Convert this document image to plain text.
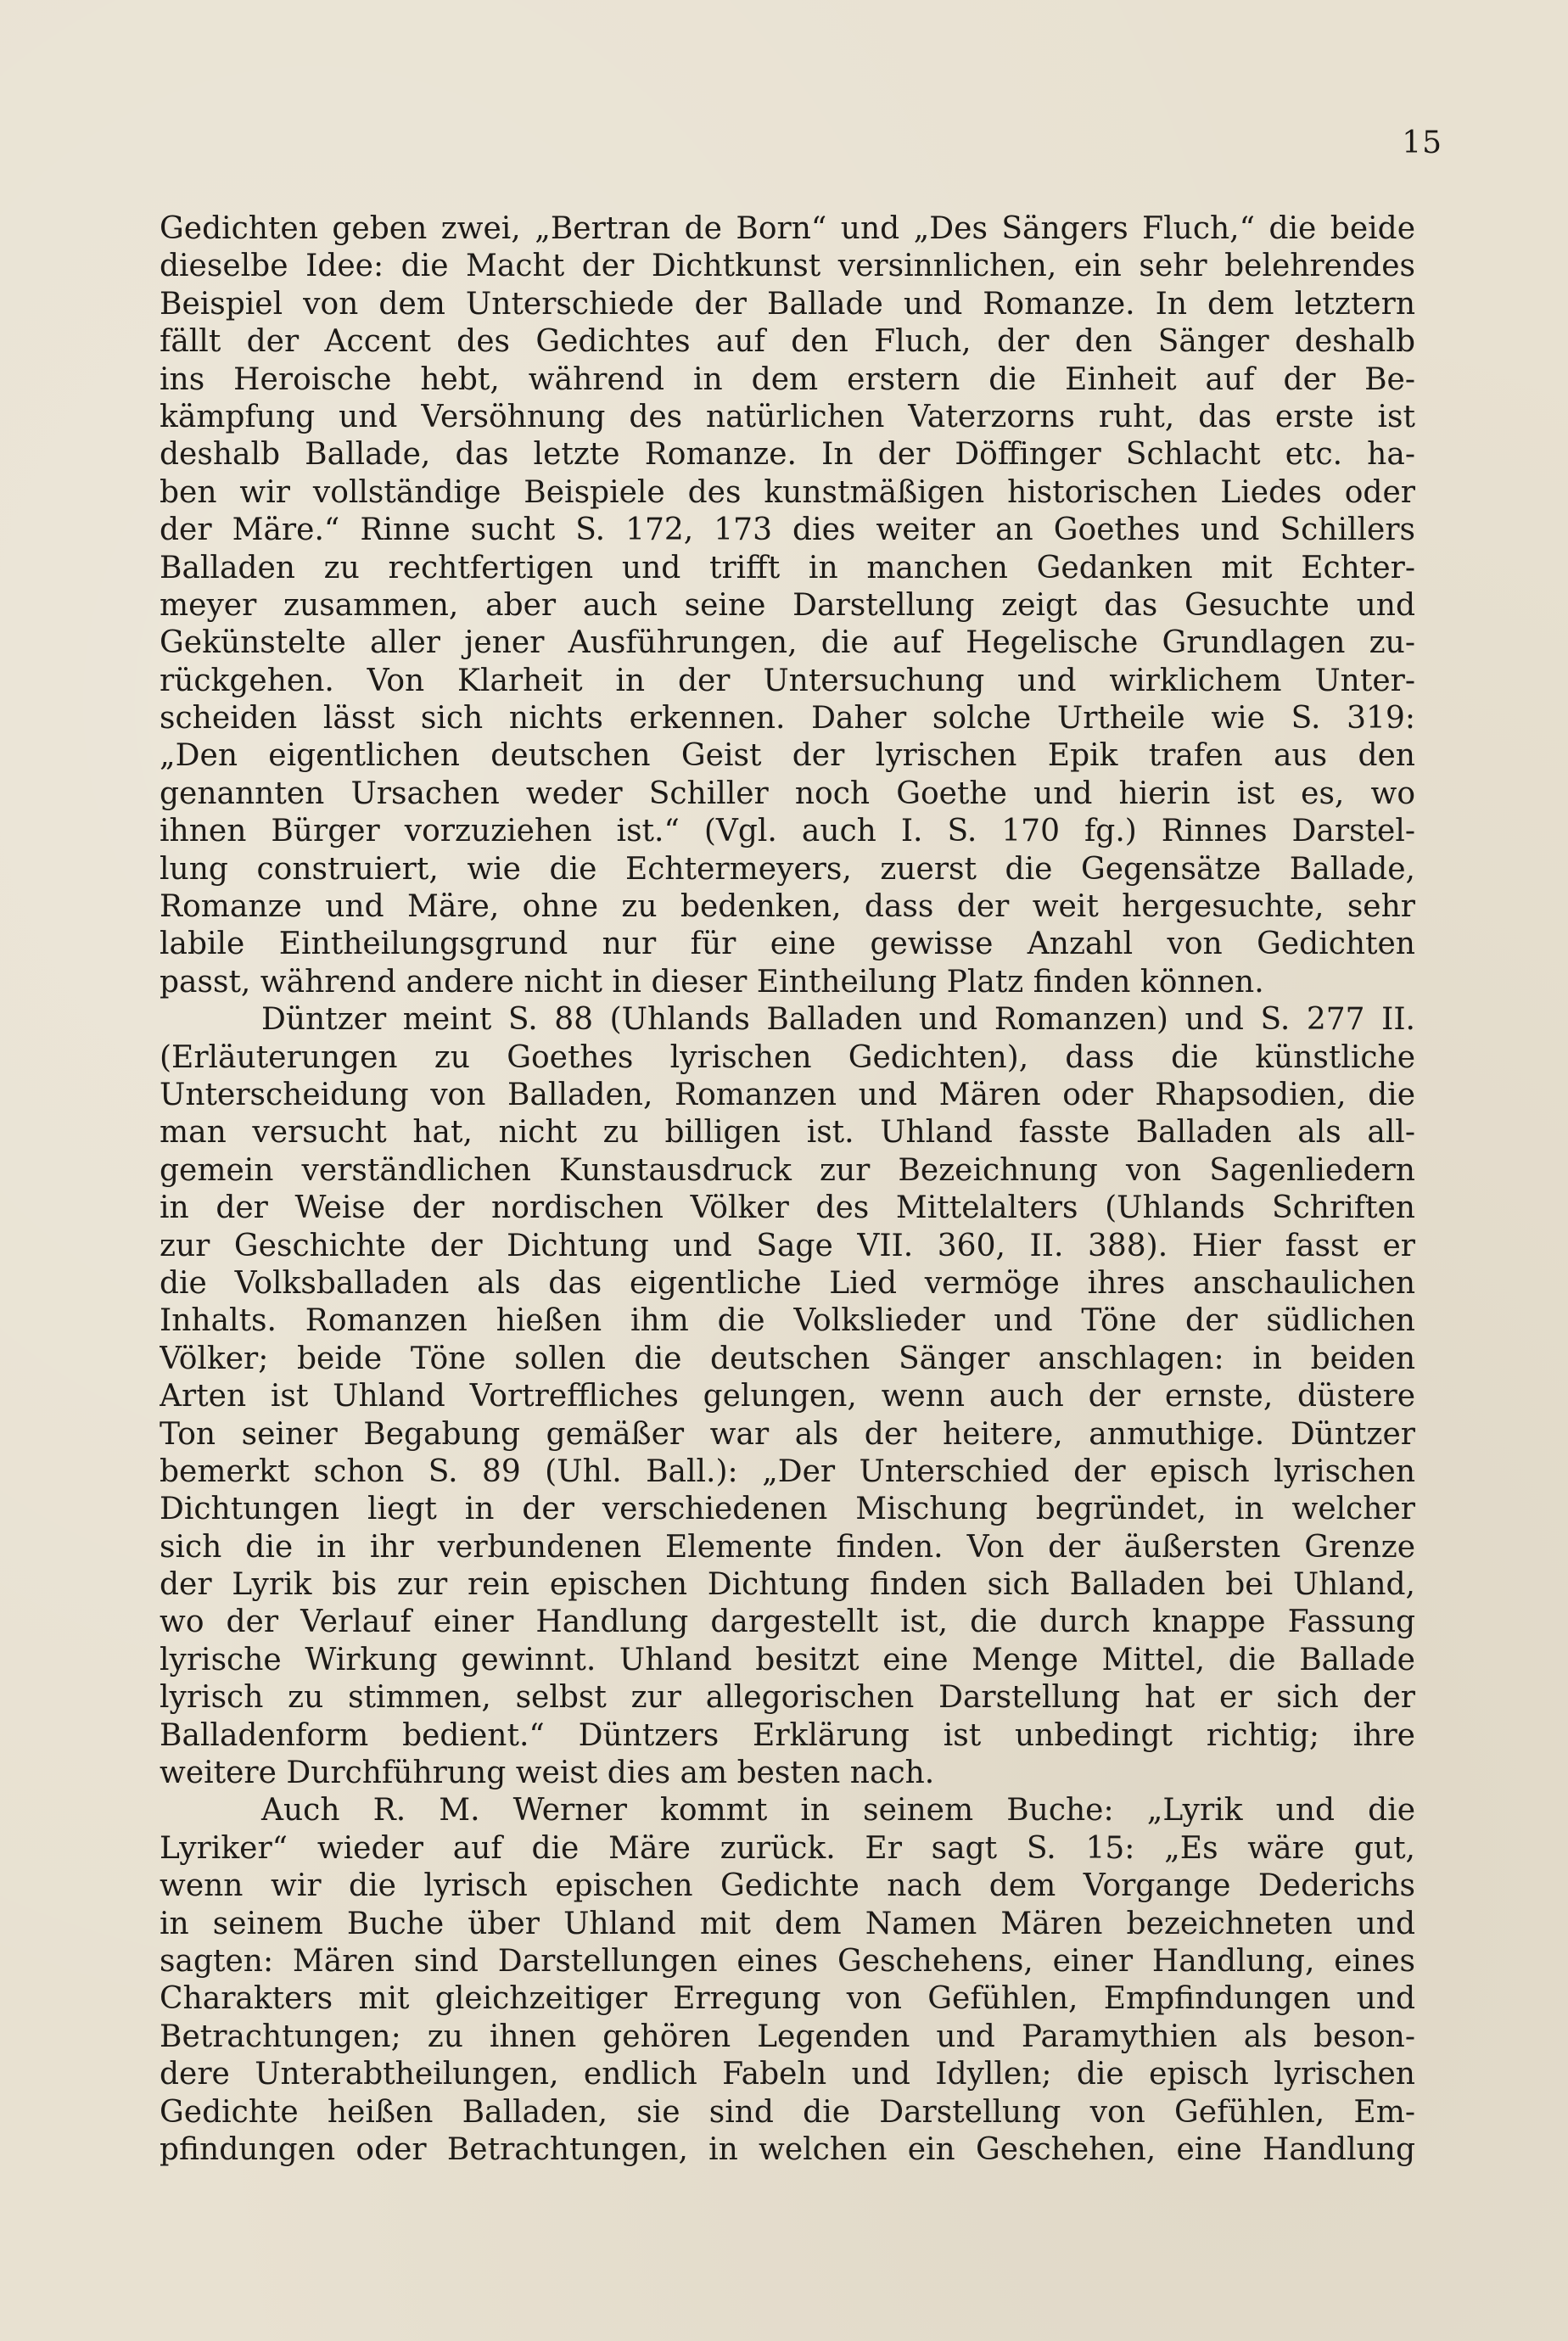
15
Gedichten geben zwei, „Bertran de Born“ und „Des Sängers Fluch,“ die beide
dieselbe Idee: die Macht der Dichtkunst versinnlichen, ein sehr belehrendes
Beispiel von dem Unterschiede der Ballade und Romanze. In dem letztern
fällt der Accent des Gedichtes auf den Fluch, der den Sänger deshalb
ins Heroische hebt, während in dem erstern die Einheit auf der Be-
kämpfung und Versöhnung des natürlichen Vaterzorns ruht, das erste ist
deshalb Ballade, das letzte Romanze. In der Döffinger Schlacht etc. ha-
ben wir vollständige Beispiele des kunstmäßigen historischen Liedes oder
der Märe.“ Rinne sucht S. 172, 173 dies weiter an Goethes und Schillers
Balladen zu rechtfertigen und trifft in manchen Gedanken mit Echter-
meyer zusammen, aber auch seine Darstellung zeigt das Gesuchte und
Gekünstelte aller jener Ausführungen, die auf Hegelische Grundlagen zu-
rückgehen. Von Klarheit in der Untersuchung und wirklichem Unter-
scheiden lässt sich nichts erkennen. Daher solche Urtheile wie S. 319:
„Den eigentlichen deutschen Geist der lyrischen Epik trafen aus den
genannten Ursachen weder Schiller noch Goethe und hierin ist es, wo
ihnen Bürger vorzuziehen ist.“ (Vgl. auch I. S. 170 fg.) Rinnes Darstel-
lung construiert, wie die Echtermeyers, zuerst die Gegensätze Ballade,
Romanze und Märe, ohne zu bedenken, dass der weit hergesuchte, sehr
labile Eintheilungsgrund nur für eine gewisse Anzahl von Gedichten
passt, während andere nicht in dieser Eintheilung Platz finden können.
Düntzer meint S. 88 (Uhlands Balladen und Romanzen) und S. 277 II.
(Erläuterungen zu Goethes lyrischen Gedichten), dass die künstliche
Unterscheidung von Balladen, Romanzen und Mären oder Rhapsodien, die
man versucht hat, nicht zu billigen ist. Uhland fasste Balladen als all-
gemein verständlichen Kunstausdruck zur Bezeichnung von Sagenliedern
in der Weise der nordischen Völker des Mittelalters (Uhlands Schriften
zur Geschichte der Dichtung und Sage VII. 360, II. 388). Hier fasst er
die Volksballaden als das eigentliche Lied vermöge ihres anschaulichen
Inhalts. Romanzen hießen ihm die Volkslieder und Töne der südlichen
Völker; beide Töne sollen die deutschen Sänger anschlagen: in beiden
Arten ist Uhland Vortreffliches gelungen, wenn auch der ernste, düstere
Ton seiner Begabung gemäßer war als der heitere, anmuthige. Düntzer
bemerkt schon S. 89 (Uhl. Ball.): „Der Unterschied der episch lyrischen
Dichtungen liegt in der verschiedenen Mischung begründet, in welcher
sich die in ihr verbundenen Elemente finden. Von der äußersten Grenze
der Lyrik bis zur rein epischen Dichtung finden sich Balladen bei Uhland,
wo der Verlauf einer Handlung dargestellt ist, die durch knappe Fassung
lyrische Wirkung gewinnt. Uhland besitzt eine Menge Mittel, die Ballade
lyrisch zu stimmen, selbst zur allegorischen Darstellung hat er sich der
Balladenform bedient.“ Düntzers Erklärung ist unbedingt richtig; ihre
weitere Durchführung weist dies am besten nach.
Auch R. M. Werner kommt in seinem Buche: „Lyrik und die
Lyriker“ wieder auf die Märe zurück. Er sagt S. 15: „Es wäre gut,
wenn wir die lyrisch epischen Gedichte nach dem Vorgange Dederichs
in seinem Buche über Uhland mit dem Namen Mären bezeichneten und
sagten: Mären sind Darstellungen eines Geschehens, einer Handlung, eines
Charakters mit gleichzeitiger Erregung von Gefühlen, Empfindungen und
Betrachtungen; zu ihnen gehören Legenden und Paramythien als beson-
dere Unterabtheilungen, endlich Fabeln und Idyllen; die episch lyrischen
Gedichte heißen Balladen, sie sind die Darstellung von Gefühlen, Em-
pfindungen oder Betrachtungen, in welchen ein Geschehen, eine Handlung
